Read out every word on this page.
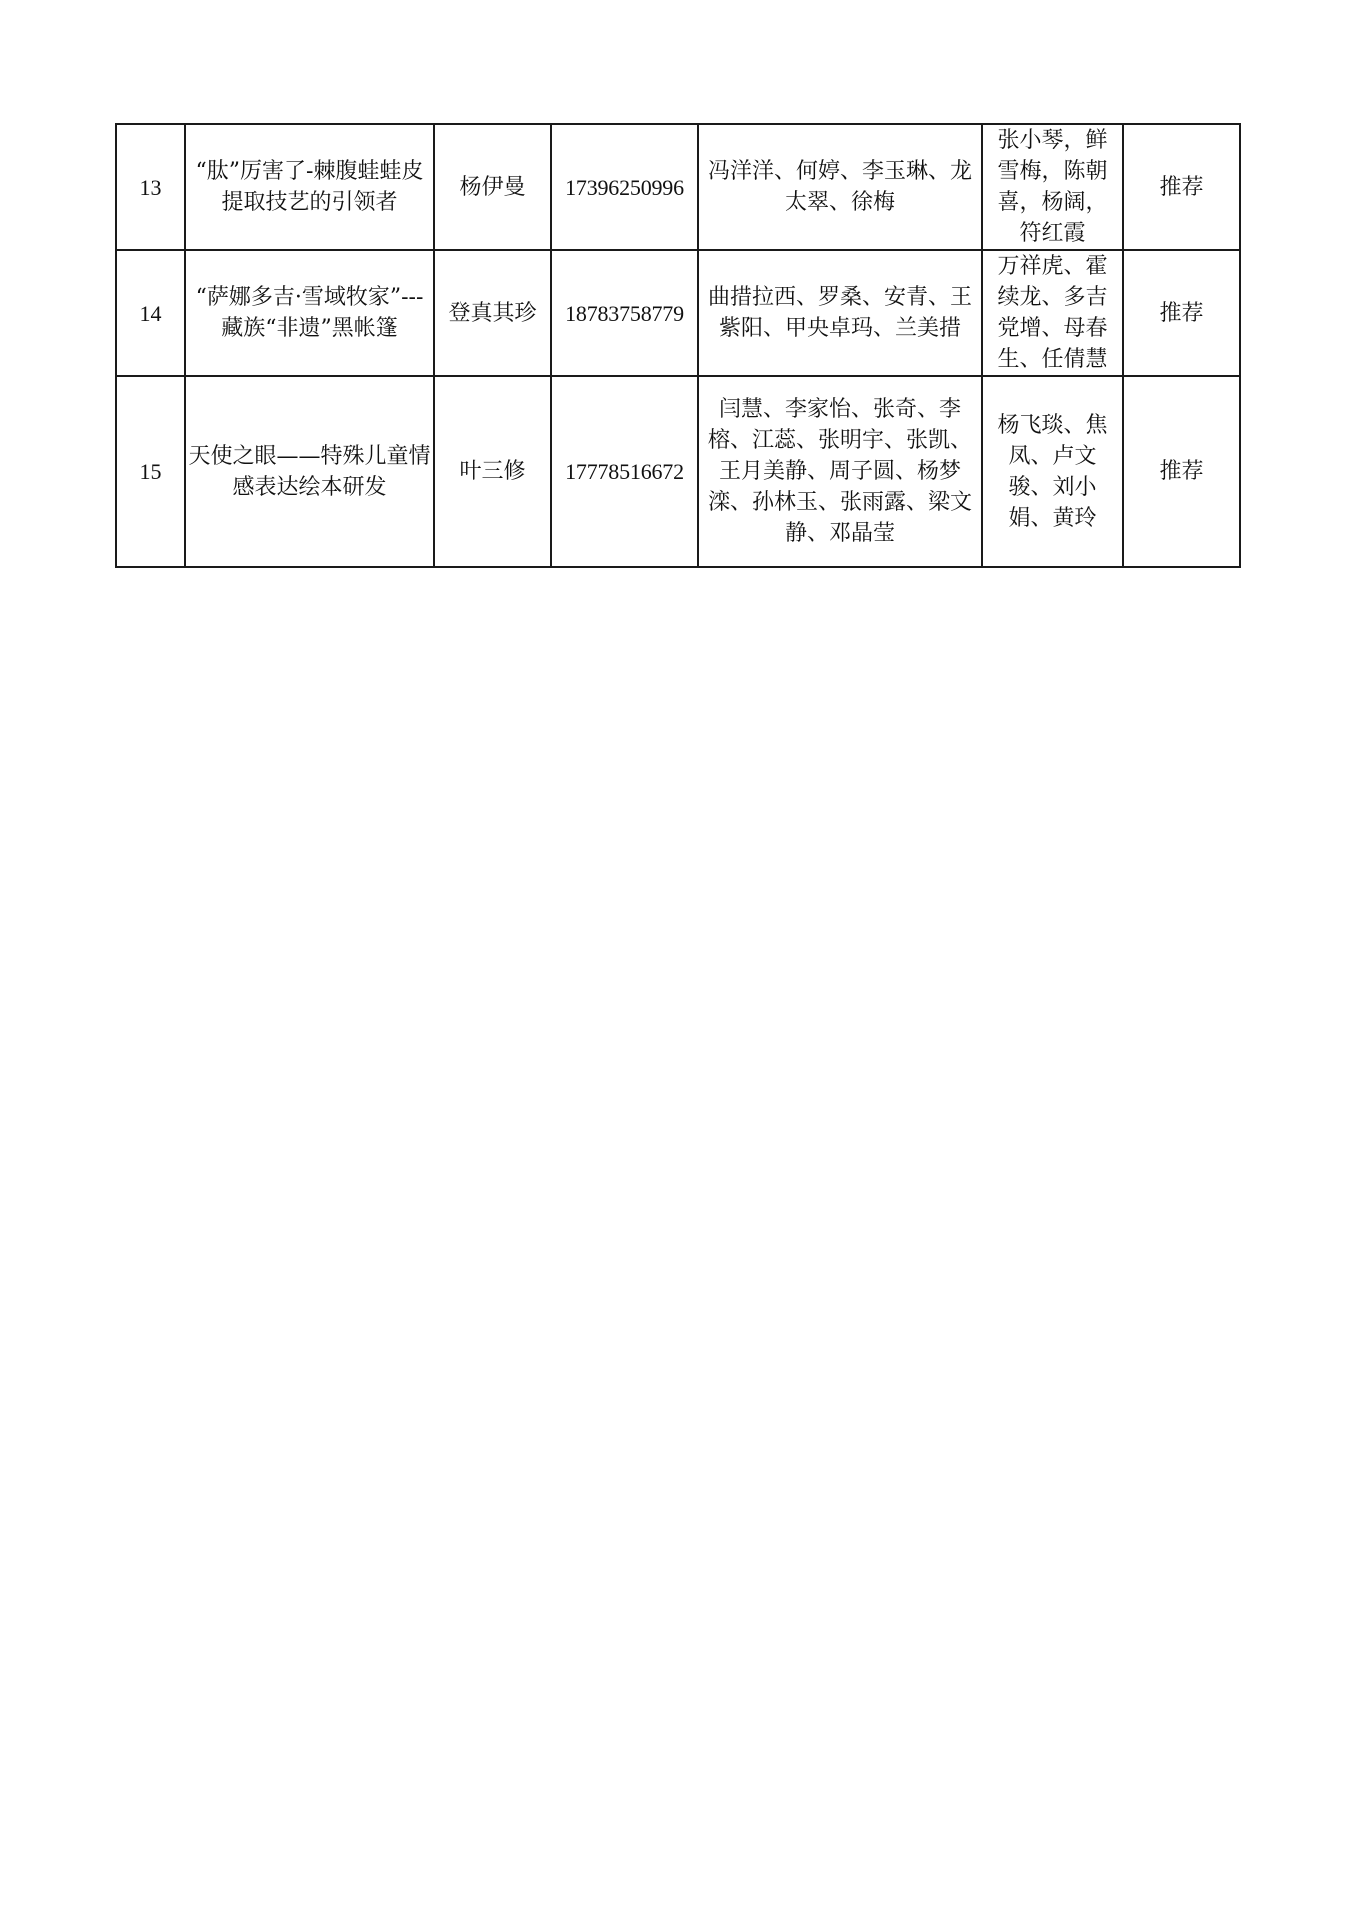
13	“肽”厉害了-棘腹蛙蛙皮提取技艺的引领者	杨伊曼	17396250996	冯洋洋、何婷、李玉琳、龙太翠、徐梅	张小琴，鲜雪梅，陈朝喜，杨阔，符红霞	推荐
14	“萨娜多吉·雪域牧家”---藏族“非遗”黑帐篷	登真其珍	18783758779	曲措拉西、罗桑、安青、王紫阳、甲央卓玛、兰美措	万祥虎、霍续龙、多吉党增、母春生、任倩慧	推荐
15	天使之眼——特殊儿童情感表达绘本研发	叶三修	17778516672	闫慧、李家怡、张奇、李榕、江蕊、张明宇、张凯、王月美静、周子圆、杨梦滦、孙林玉、张雨露、梁文静、邓晶莹	杨飞琰、焦凤、卢文骏、刘小娟、黄玲	推荐
